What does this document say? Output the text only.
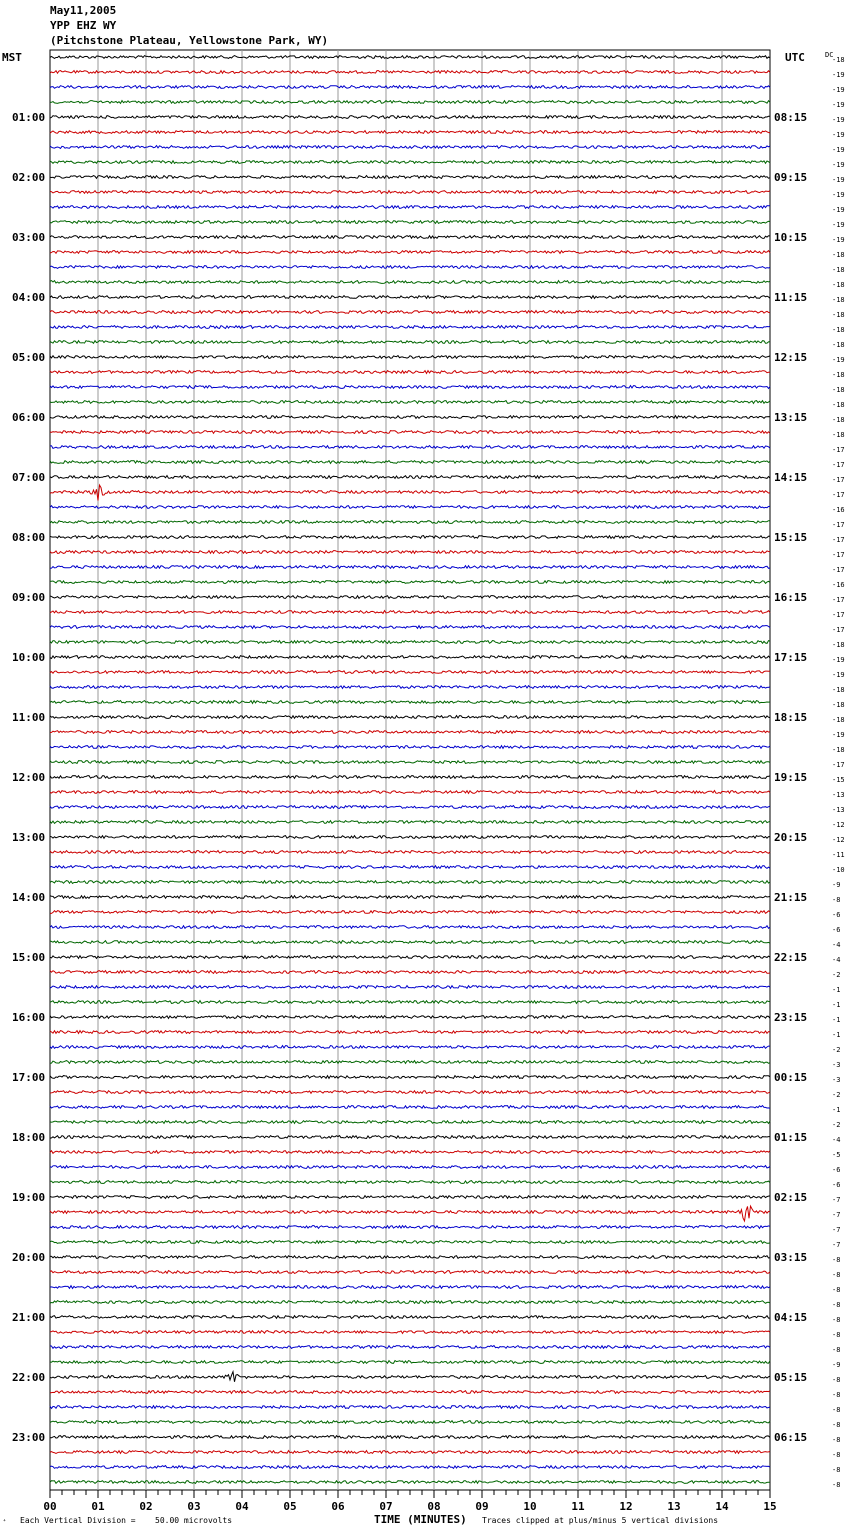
May11,2005
YPP EHZ WY
(Pitchstone Plateau, Yellowstone Park, WY)
-18
-19
-19
-19
-19
-19
-19
-19
-19
-19
-19
-19
-19
-18
-18
-18
-18
-18
-18
-18
-19
-18
-18
-18
-18
-18
-17
-17
-17
-17
-16
-17
-17
-17
-17
-16
-17
-17
-17
-18
-19
-19
-18
-18
-18
-19
-18
-17
-15
-13
-13
-12
-12
-11
-10
-9
-8
-6
-6
-4
-4
-2
-1
-1
-1
-1
-2
-3
-3
-2
-1
-2
-4
-5
-6
-6
-7
-7
-7
-7
-8
-8
-8
-8
-8
-8
-8
-9
-8
-8
-8
-8
-8
-8
-8
-8
MST	UTC	DC
01:00
02:00
03:00
04:00
05:00
06:00
07:00
08:00
09:00
10:00
11:00
12:00
13:00
14:00
15:00
16:00
17:00
18:00
19:00
20:00
21:00
22:00
23:00
08:15
09:15
10:15
11:15
12:15
13:15
14:15
15:15
16:15
17:15
18:15
19:15
20:15
21:15
22:15
23:15
00:15
01:15
02:15
03:15
04:15
05:15
06:15
00	01	02	03	04	05	06	07	08	09	10	11	12	13	14	15
⁺ Each Vertical Division = 50.00 microvolts	TIME (MINUTES) Traces clipped at plus/minus 5 vertical divisions
